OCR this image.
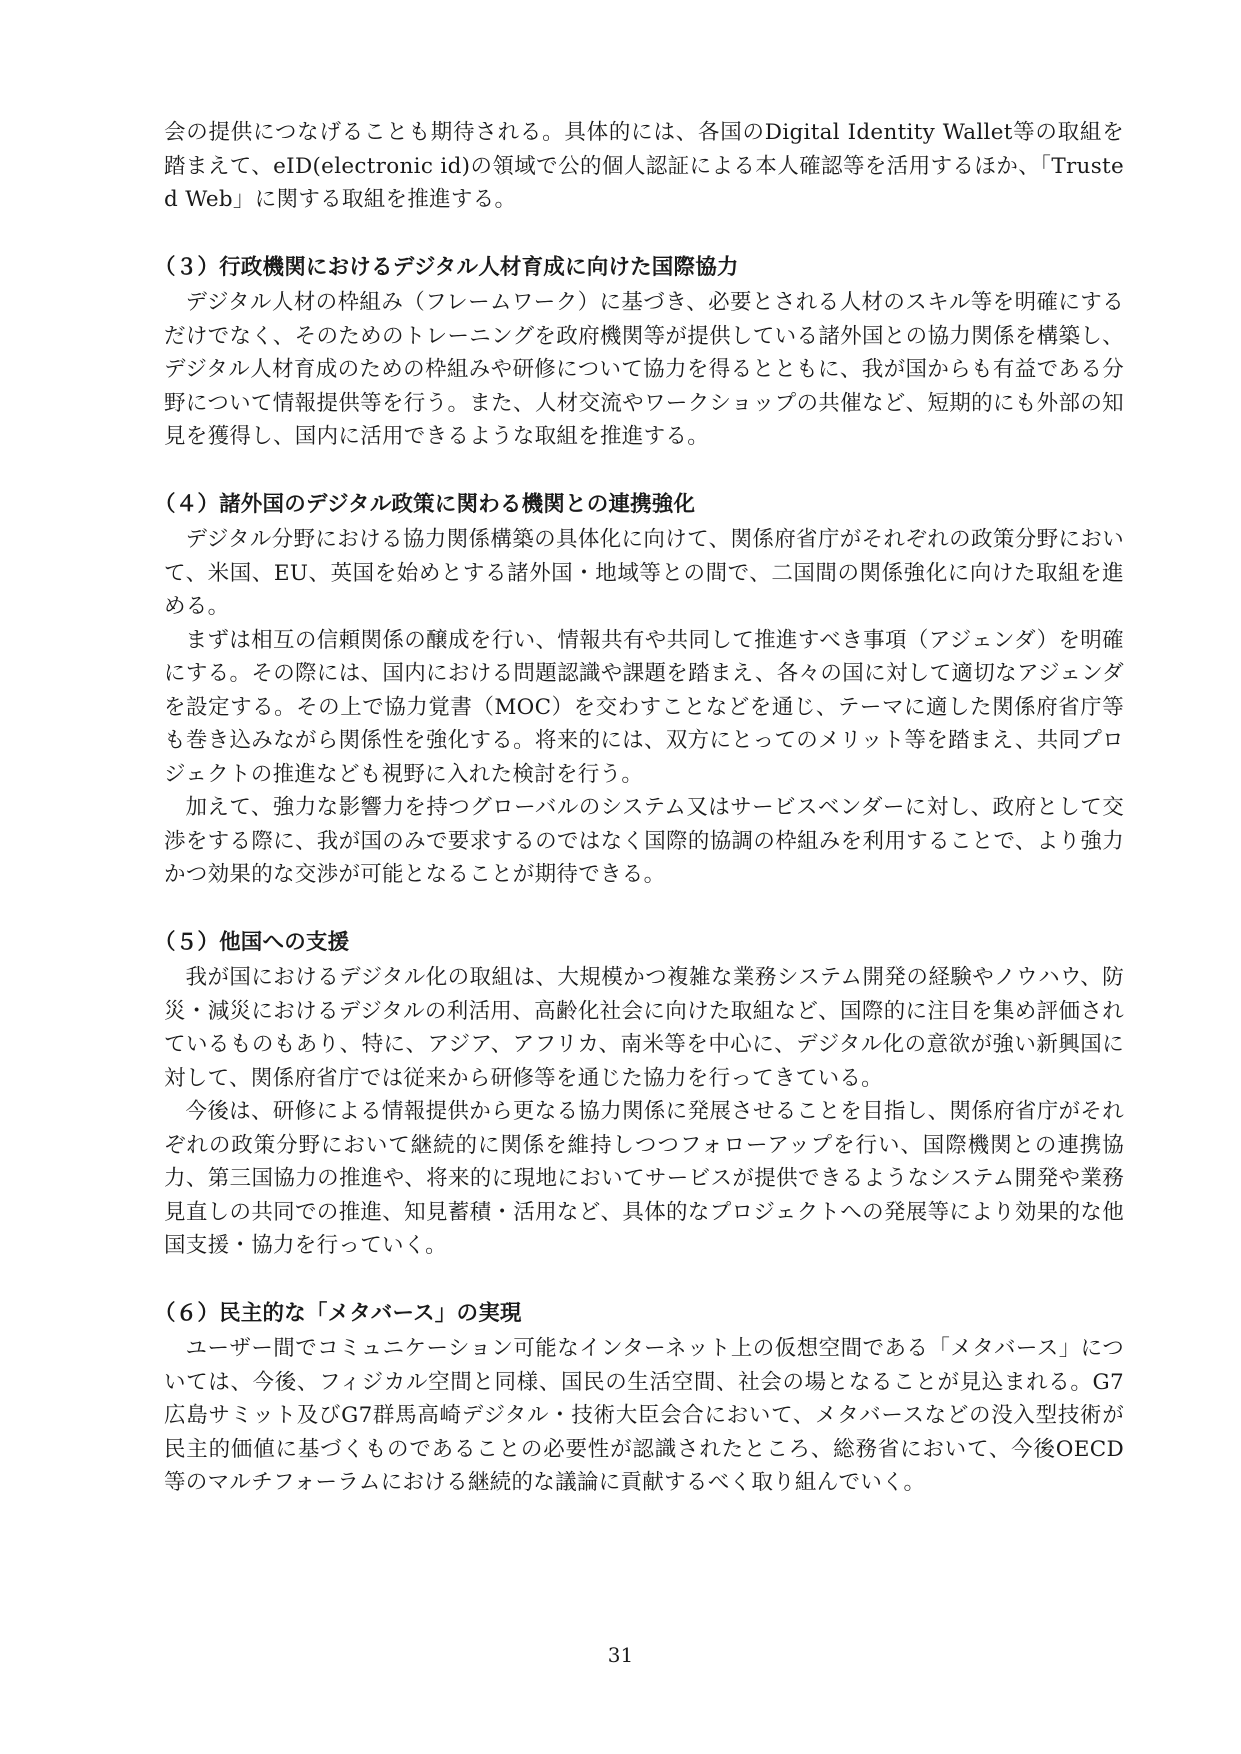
会の提供につなげることも期待される。具体的には、各国のDigital Identity Wallet等の取組を踏まえて、eID(electronic id)の領域で公的個人認証による本人確認等を活用するほか、「Trusted Web」に関する取組を推進する。

（３）行政機関におけるデジタル人材育成に向けた国際協力

デジタル人材の枠組み（フレームワーク）に基づき、必要とされる人材のスキル等を明確にするだけでなく、そのためのトレーニングを政府機関等が提供している諸外国との協力関係を構築し、デジタル人材育成のための枠組みや研修について協力を得るとともに、我が国からも有益である分野について情報提供等を行う。また、人材交流やワークショップの共催など、短期的にも外部の知見を獲得し、国内に活用できるような取組を推進する。

（４）諸外国のデジタル政策に関わる機関との連携強化

デジタル分野における協力関係構築の具体化に向けて、関係府省庁がそれぞれの政策分野において、米国、EU、英国を始めとする諸外国・地域等との間で、二国間の関係強化に向けた取組を進める。

まずは相互の信頼関係の醸成を行い、情報共有や共同して推進すべき事項（アジェンダ）を明確にする。その際には、国内における問題認識や課題を踏まえ、各々の国に対して適切なアジェンダを設定する。その上で協力覚書（MOC）を交わすことなどを通じ、テーマに適した関係府省庁等も巻き込みながら関係性を強化する。将来的には、双方にとってのメリット等を踏まえ、共同プロジェクトの推進なども視野に入れた検討を行う。

加えて、強力な影響力を持つグローバルのシステム又はサービスベンダーに対し、政府として交渉をする際に、我が国のみで要求するのではなく国際的協調の枠組みを利用することで、より強力かつ効果的な交渉が可能となることが期待できる。

（５）他国への支援

我が国におけるデジタル化の取組は、大規模かつ複雑な業務システム開発の経験やノウハウ、防災・減災におけるデジタルの利活用、高齢化社会に向けた取組など、国際的に注目を集め評価されているものもあり、特に、アジア、アフリカ、南米等を中心に、デジタル化の意欲が強い新興国に対して、関係府省庁では従来から研修等を通じた協力を行ってきている。

今後は、研修による情報提供から更なる協力関係に発展させることを目指し、関係府省庁がそれぞれの政策分野において継続的に関係を維持しつつフォローアップを行い、国際機関との連携協力、第三国協力の推進や、将来的に現地においてサービスが提供できるようなシステム開発や業務見直しの共同での推進、知見蓄積・活用など、具体的なプロジェクトへの発展等により効果的な他国支援・協力を行っていく。

（６）民主的な「メタバース」の実現

ユーザー間でコミュニケーション可能なインターネット上の仮想空間である「メタバース」については、今後、フィジカル空間と同様、国民の生活空間、社会の場となることが見込まれる。G7広島サミット及びG7群馬高崎デジタル・技術大臣会合において、メタバースなどの没入型技術が民主的価値に基づくものであることの必要性が認識されたところ、総務省において、今後OECD等のマルチフォーラムにおける継続的な議論に貢献するべく取り組んでいく。

31
